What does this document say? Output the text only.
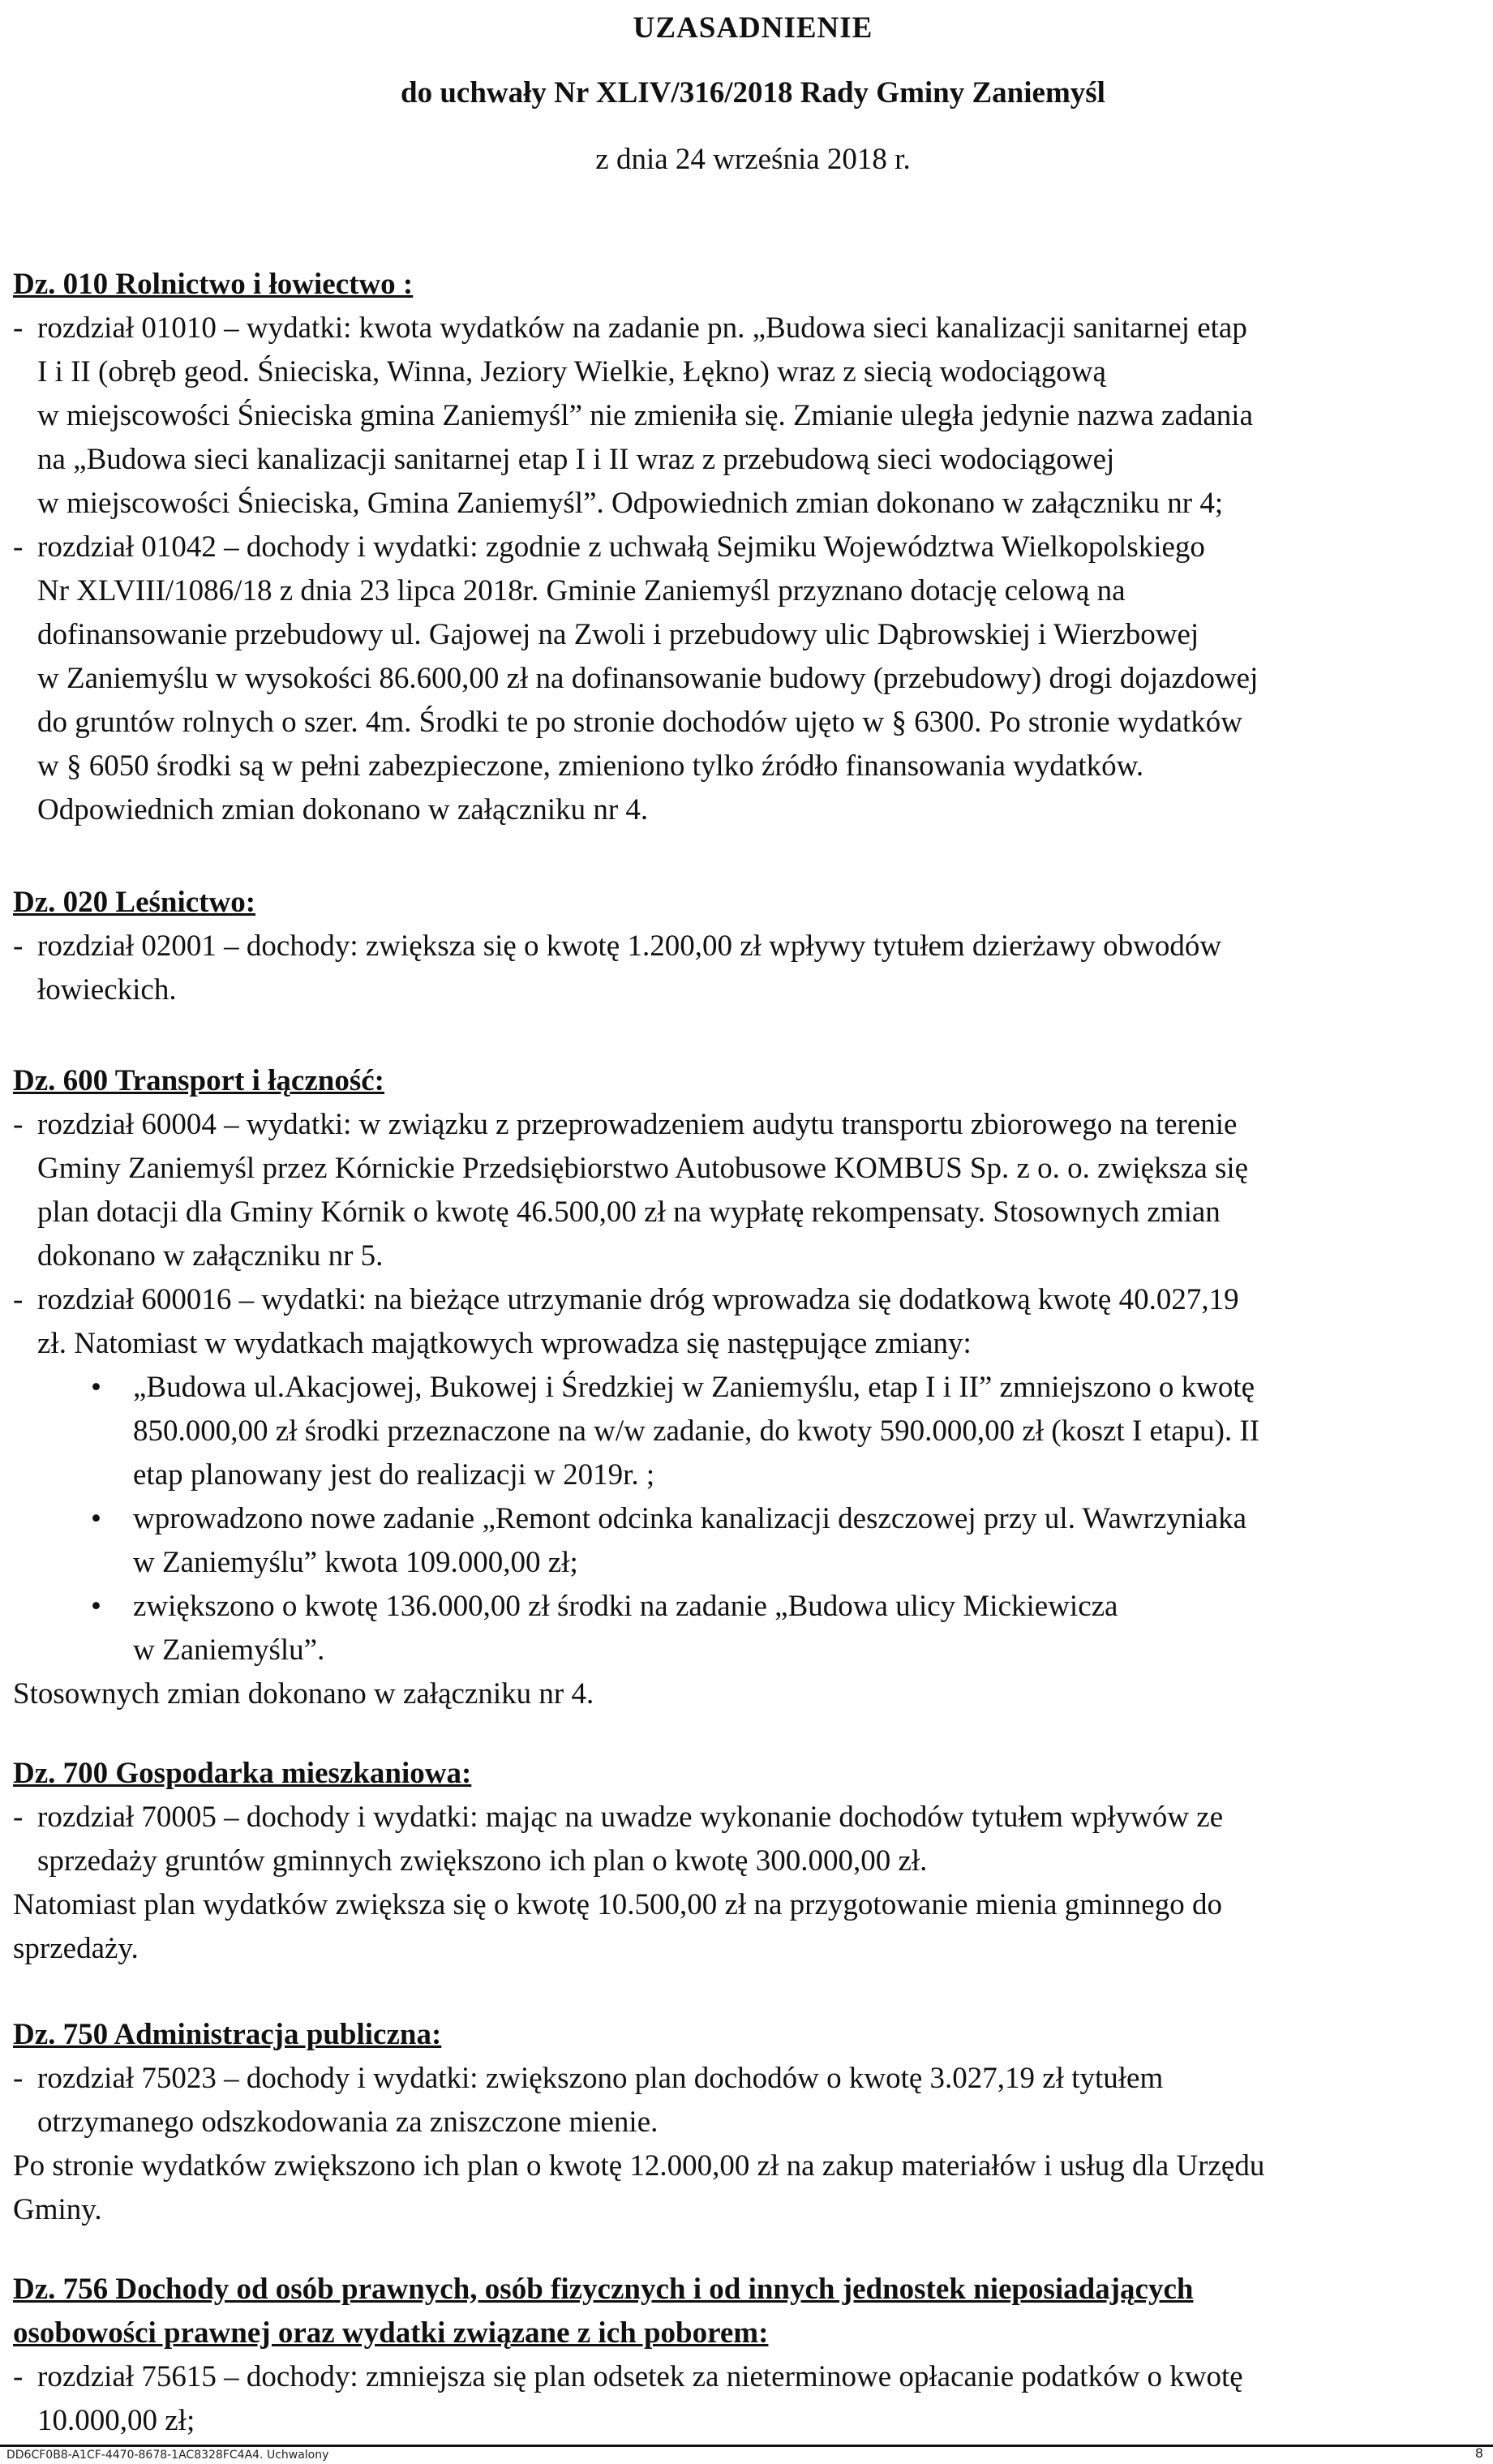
UZASADNIENIE

do uchwały Nr XLIV/316/2018 Rady Gminy Zaniemyśl

z dnia 24 września 2018 r.

Dz. 010 Rolnictwo i łowiectwo :

- rozdział 01010 – wydatki: kwota wydatków na zadanie pn. „Budowa sieci kanalizacji sanitarnej etap
I i II (obręb geod. Śnieciska, Winna, Jeziory Wielkie, Łękno) wraz z siecią wodociągową
w miejscowości Śnieciska gmina Zaniemyśl” nie zmieniła się. Zmianie uległa jedynie nazwa zadania
na „Budowa sieci kanalizacji sanitarnej etap I i II wraz z przebudową sieci wodociągowej
w miejscowości Śnieciska, Gmina Zaniemyśl”. Odpowiednich zmian dokonano w załączniku nr 4;
- rozdział 01042 – dochody i wydatki: zgodnie z uchwałą Sejmiku Województwa Wielkopolskiego
Nr XLVIII/1086/18 z dnia 23 lipca 2018r. Gminie Zaniemyśl przyznano dotację celową na
dofinansowanie przebudowy ul. Gajowej na Zwoli i przebudowy ulic Dąbrowskiej i Wierzbowej
w Zaniemyślu w wysokości 86.600,00 zł na dofinansowanie budowy (przebudowy) drogi dojazdowej
do gruntów rolnych o szer. 4m. Środki te po stronie dochodów ujęto w § 6300. Po stronie wydatków
w § 6050 środki są w pełni zabezpieczone, zmieniono tylko źródło finansowania wydatków.
Odpowiednich zmian dokonano w załączniku nr 4.

Dz. 020 Leśnictwo:

- rozdział 02001 – dochody: zwiększa się o kwotę 1.200,00 zł wpływy tytułem dzierżawy obwodów
łowieckich.

Dz. 600 Transport i łączność:

- rozdział 60004 – wydatki: w związku z przeprowadzeniem audytu transportu zbiorowego na terenie
Gminy Zaniemyśl przez Kórnickie Przedsiębiorstwo Autobusowe KOMBUS Sp. z o. o. zwiększa się
plan dotacji dla Gminy Kórnik o kwotę 46.500,00 zł na wypłatę rekompensaty. Stosownych zmian
dokonano w załączniku nr 5.
- rozdział 600016 – wydatki: na bieżące utrzymanie dróg wprowadza się dodatkową kwotę 40.027,19
zł. Natomiast w wydatkach majątkowych wprowadza się następujące zmiany:
• „Budowa ul.Akacjowej, Bukowej i Średzkiej w Zaniemyślu, etap I i II” zmniejszono o kwotę
850.000,00 zł środki przeznaczone na w/w zadanie, do kwoty 590.000,00 zł (koszt I etapu). II
etap planowany jest do realizacji w 2019r. ;
• wprowadzono nowe zadanie „Remont odcinka kanalizacji deszczowej przy ul. Wawrzyniaka
w Zaniemyślu” kwota 109.000,00 zł;
• zwiększono o kwotę 136.000,00 zł środki na zadanie „Budowa ulicy Mickiewicza
w Zaniemyślu”.

Stosownych zmian dokonano w załączniku nr 4.

Dz. 700 Gospodarka mieszkaniowa:

- rozdział 70005 – dochody i wydatki: mając na uwadze wykonanie dochodów tytułem wpływów ze
sprzedaży gruntów gminnych zwiększono ich plan o kwotę 300.000,00 zł.

Natomiast plan wydatków zwiększa się o kwotę 10.500,00 zł na przygotowanie mienia gminnego do
sprzedaży.

Dz. 750 Administracja publiczna:

- rozdział 75023 – dochody i wydatki: zwiększono plan dochodów o kwotę 3.027,19 zł tytułem
otrzymanego odszkodowania za zniszczone mienie.

Po stronie wydatków zwiększono ich plan o kwotę 12.000,00 zł na zakup materiałów i usług dla Urzędu
Gminy.

Dz. 756 Dochody od osób prawnych, osób fizycznych i od innych jednostek nieposiadających
osobowości prawnej oraz wydatki związane z ich poborem:

- rozdział 75615 – dochody: zmniejsza się plan odsetek za nieterminowe opłacanie podatków o kwotę
10.000,00 zł;
DD6CF0B8-A1CF-4470-8678-1AC8328FC4A4. Uchwalony	8
